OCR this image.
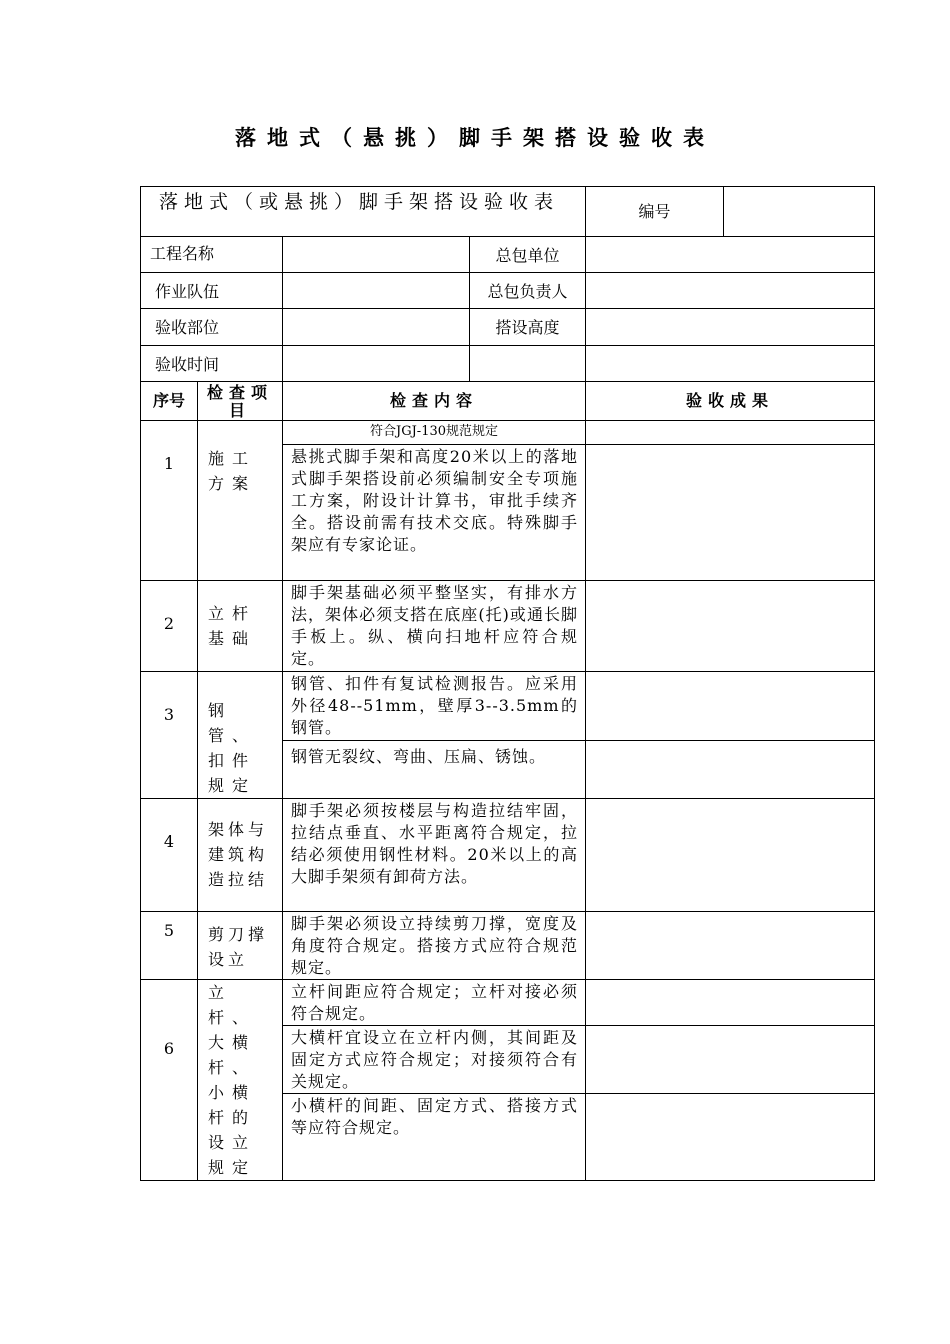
落地式（悬挑）脚手架搭设验收表
落地式（或悬挑）脚手架搭设验收表				编号	
工程名称			总包单位		
作业队伍			总包负责人		
验收部位			搭设高度		
验收时间					
序号	检查项目	检查内容		验收成果	
1	施工方案	符合JGJ-130规范规定			
		悬挑式脚手架和高度20米以上的落地式脚手架搭设前必须编制安全专项施工方案，附设计计算书，审批手续齐全。搭设前需有技术交底。特殊脚手架应有专家论证。			
2	立杆基础	脚手架基础必须平整坚实，有排水方法，架体必须支搭在底座(托)或通长脚手板上。纵、横向扫地杆应符合规定。			
3	钢管、扣件规定	钢管、扣件有复试检测报告。应采用外径48--51mm，壁厚3--3.5mm的钢管。			
		钢管无裂纹、弯曲、压扁、锈蚀。			
4	架体与建筑构造拉结	脚手架必须按楼层与构造拉结牢固，拉结点垂直、水平距离符合规定，拉结必须使用钢性材料。20米以上的高大脚手架须有卸荷方法。			
5	剪刀撑设立	脚手架必须设立持续剪刀撑，宽度及角度符合规定。搭接方式应符合规范规定。			
6	立杆、大横杆、小横杆的设立规定	立杆间距应符合规定；立杆对接必须符合规定。			
		大横杆宜设立在立杆内侧，其间距及固定方式应符合规定；对接须符合有关规定。			
		小横杆的间距、固定方式、搭接方式等应符合规定。			
